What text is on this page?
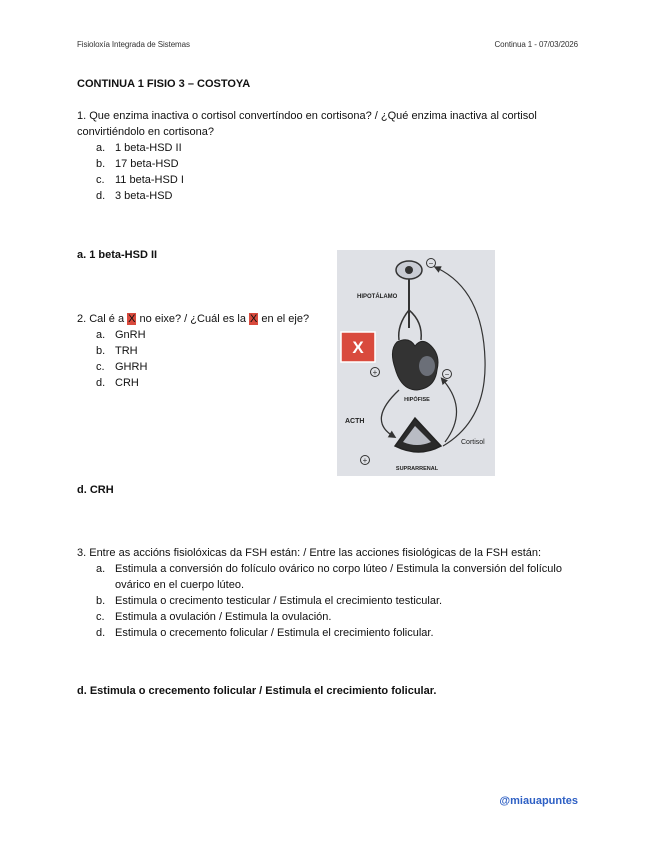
Fisioloxía Integrada de Sistemas	Continua 1 - 07/03/2026
CONTINUA 1 FISIO 3 – COSTOYA
1. Que enzima inactiva o cortisol convertíndoo en cortisona? / ¿Qué enzima inactiva al cortisol convirtiéndolo en cortisona?
a. 1 beta-HSD II
b. 17 beta-HSD
c. 11 beta-HSD I
d. 3 beta-HSD
a. 1 beta-HSD II
2. Cal é a X no eixe? / ¿Cuál es la X en el eje?
a. GnRH
b. TRH
c. GHRH
d. CRH
−
HIPOTÁLAMO
X
+	−
HIPÓFISE
ACTH
+
SUPRARRENAL
Cortisol
d. CRH
3. Entre as accións fisiolóxicas da FSH están: / Entre las acciones fisiológicas de la FSH están:
a. Estimula a conversión do folículo ovárico no corpo lúteo / Estimula la conversión del folículo ovárico en el cuerpo lúteo.
b. Estimula o crecimento testicular / Estimula el crecimiento testicular.
c. Estimula a ovulación / Estimula la ovulación.
d. Estimula o crecemento folicular / Estimula el crecimiento folicular.
d. Estimula o crecemento folicular / Estimula el crecimiento folicular.
@miauapuntes
